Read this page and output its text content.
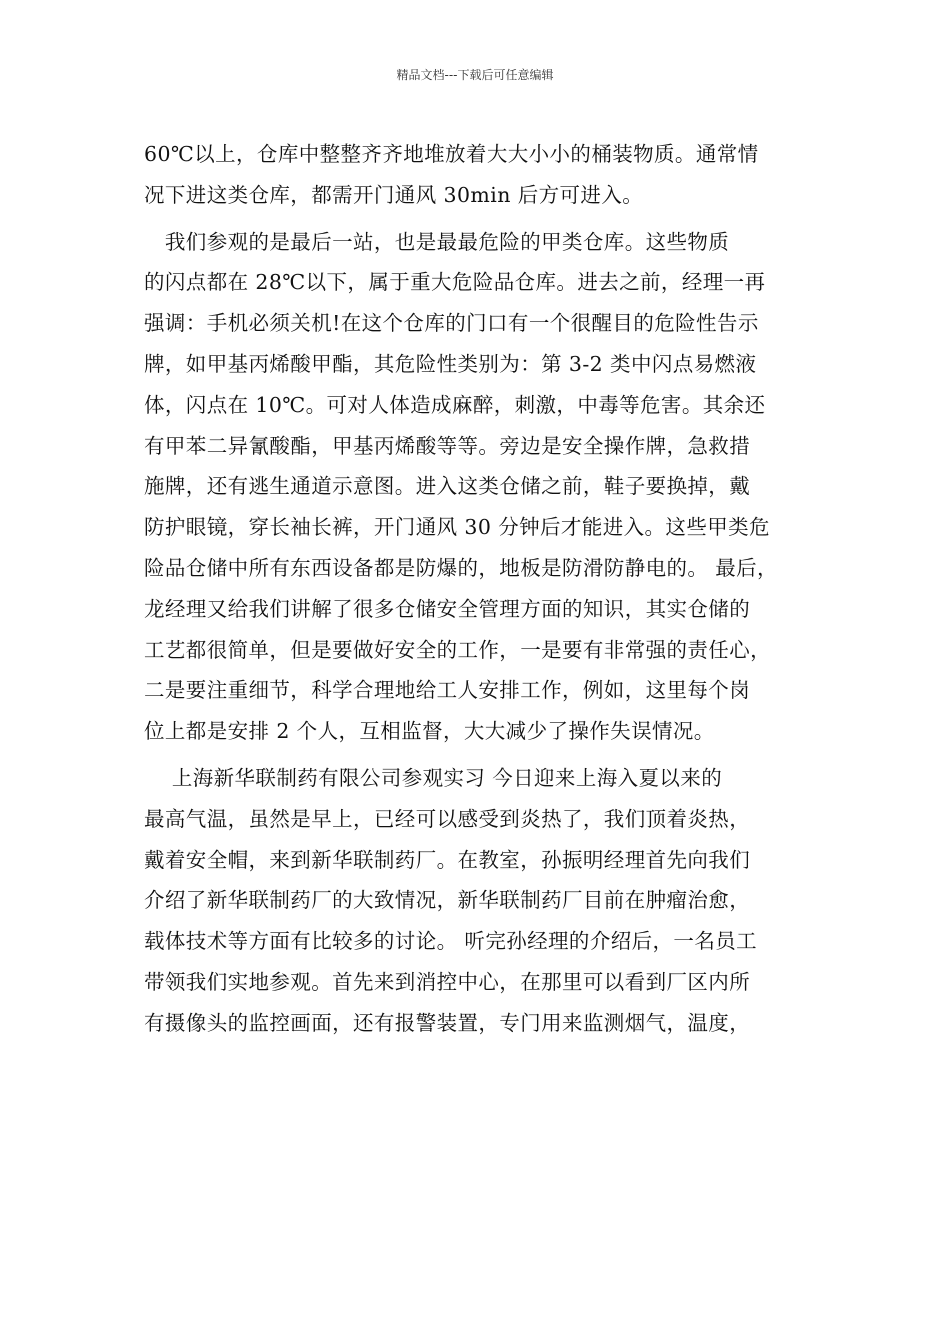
精品文档---下载后可任意编辑
60℃以上，仓库中整整齐齐地堆放着大大小小的桶装物质。通常情
况下进这类仓库，都需开门通风 30min 后方可进入。
　我们参观的是最后一站，也是最最危险的甲类仓库。这些物质
的闪点都在 28℃以下，属于重大危险品仓库。进去之前，经理一再
强调：手机必须关机!在这个仓库的门口有一个很醒目的危险性告示
牌，如甲基丙烯酸甲酯，其危险性类别为：第 3-2 类中闪点易燃液
体，闪点在 10℃。可对人体造成麻醉，刺激，中毒等危害。其余还
有甲苯二异氰酸酯，甲基丙烯酸等等。旁边是安全操作牌，急救措
施牌，还有逃生通道示意图。进入这类仓储之前，鞋子要换掉，戴
防护眼镜，穿长袖长裤，开门通风 30 分钟后才能进入。这些甲类危
险品仓储中所有东西设备都是防爆的，地板是防滑防静电的。 最后，
龙经理又给我们讲解了很多仓储安全管理方面的知识，其实仓储的
工艺都很简单，但是要做好安全的工作，一是要有非常强的责任心，
二是要注重细节，科学合理地给工人安排工作，例如，这里每个岗
位上都是安排 2 个人，互相监督，大大减少了操作失误情况。
　 上海新华联制药有限公司参观实习 今日迎来上海入夏以来的
最高气温，虽然是早上，已经可以感受到炎热了，我们顶着炎热，
戴着安全帽，来到新华联制药厂。在教室，孙振明经理首先向我们
介绍了新华联制药厂的大致情况，新华联制药厂目前在肿瘤治愈，
载体技术等方面有比较多的讨论。 听完孙经理的介绍后，一名员工
带领我们实地参观。首先来到消控中心，在那里可以看到厂区内所
有摄像头的监控画面，还有报警装置，专门用来监测烟气，温度，
